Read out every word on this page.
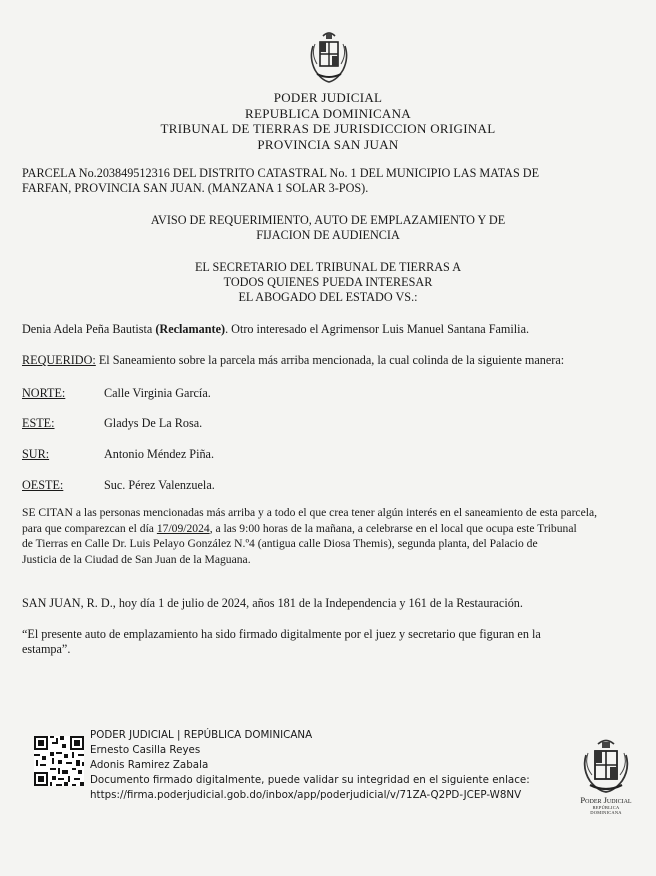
PODER JUDICIAL
REPUBLICA DOMINICANA
TRIBUNAL DE TIERRAS DE JURISDICCION ORIGINAL
PROVINCIA SAN JUAN
PARCELA No.203849512316 DEL DISTRITO CATASTRAL No. 1 DEL MUNICIPIO LAS MATAS DE
FARFAN, PROVINCIA SAN JUAN. (MANZANA 1 SOLAR 3-POS).
AVISO DE REQUERIMIENTO, AUTO DE EMPLAZAMIENTO Y DE
FIJACION DE AUDIENCIA
EL SECRETARIO DEL TRIBUNAL DE TIERRAS A
TODOS QUIENES PUEDA INTERESAR
EL ABOGADO DEL ESTADO VS.:
Denia Adela Peña Bautista (Reclamante). Otro interesado el Agrimensor Luis Manuel Santana Familia.
REQUERIDO: El Saneamiento sobre la parcela más arriba mencionada, la cual colinda de la siguiente manera:
NORTE:	Calle Virginia García.
ESTE:	Gladys De La Rosa.
SUR:	Antonio Méndez Piña.
OESTE:	Suc. Pérez Valenzuela.
SE CITAN a las personas mencionadas más arriba y a todo el que crea tener algún interés en el saneamiento de esta parcela,
para que comparezcan el día 17/09/2024, a las 9:00 horas de la mañana, a celebrarse en el local que ocupa este Tribunal
de Tierras en Calle Dr. Luis Pelayo González N.º4 (antigua calle Diosa Themis), segunda planta, del Palacio de
Justicia de la Ciudad de San Juan de la Maguana.
SAN JUAN, R. D., hoy día 1 de julio de 2024, años 181 de la Independencia y 161 de la Restauración.
“El presente auto de emplazamiento ha sido firmado digitalmente por el juez y secretario que figuran en la
estampa”.
PODER JUDICIAL | REPÚBLICA DOMINICANA
Ernesto Casilla Reyes
Adonis Ramirez Zabala
Documento firmado digitalmente, puede validar su integridad en el siguiente enlace:
https://firma.poderjudicial.gob.do/inbox/app/poderjudicial/v/71ZA-Q2PD-JCEP-W8NV	Poder Judicial
REPÚBLICA DOMINICANA
